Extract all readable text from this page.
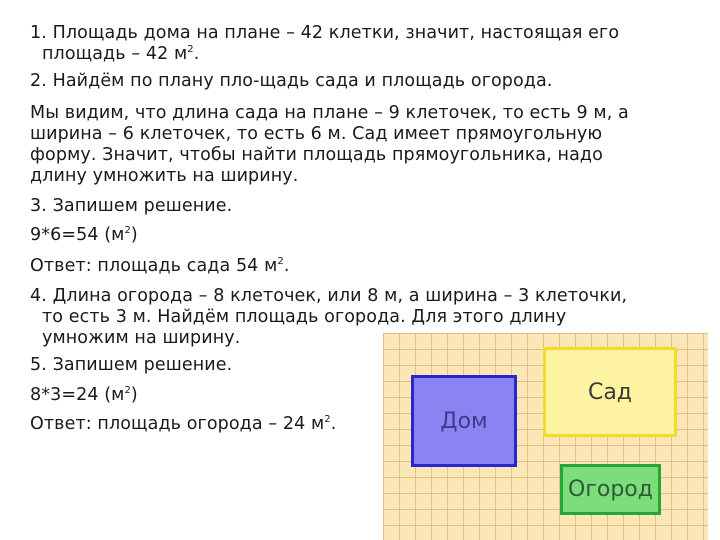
1. Площадь дома на плане – 42 клетки, значит, настоящая его
площадь – 42 $м^2$.
2. Найдём по плану пло-щадь сада и площадь огорода.
Мы видим, что длина сада на плане – 9 клеточек, то есть 9 м, а
ширина – 6 клеточек, то есть 6 м. Сад имеет прямоугольную
форму. Значит, чтобы найти площадь прямоугольника, надо
длину умножить на ширину.
3. Запишем решение.
9*6=54 $(м^2)$
Ответ: площадь сада 54 $м^2$.
4. Длина огорода – 8 клеточек, или 8 м, а ширина – 3 клеточки,
то есть 3 м. Найдём площадь огорода. Для этого длину
умножим на ширину.
5. Запишем решение.
8*3=24 $(м^2)$
Ответ: площадь огорода – 24 $м^2$.	Дом
Сад
Огород
